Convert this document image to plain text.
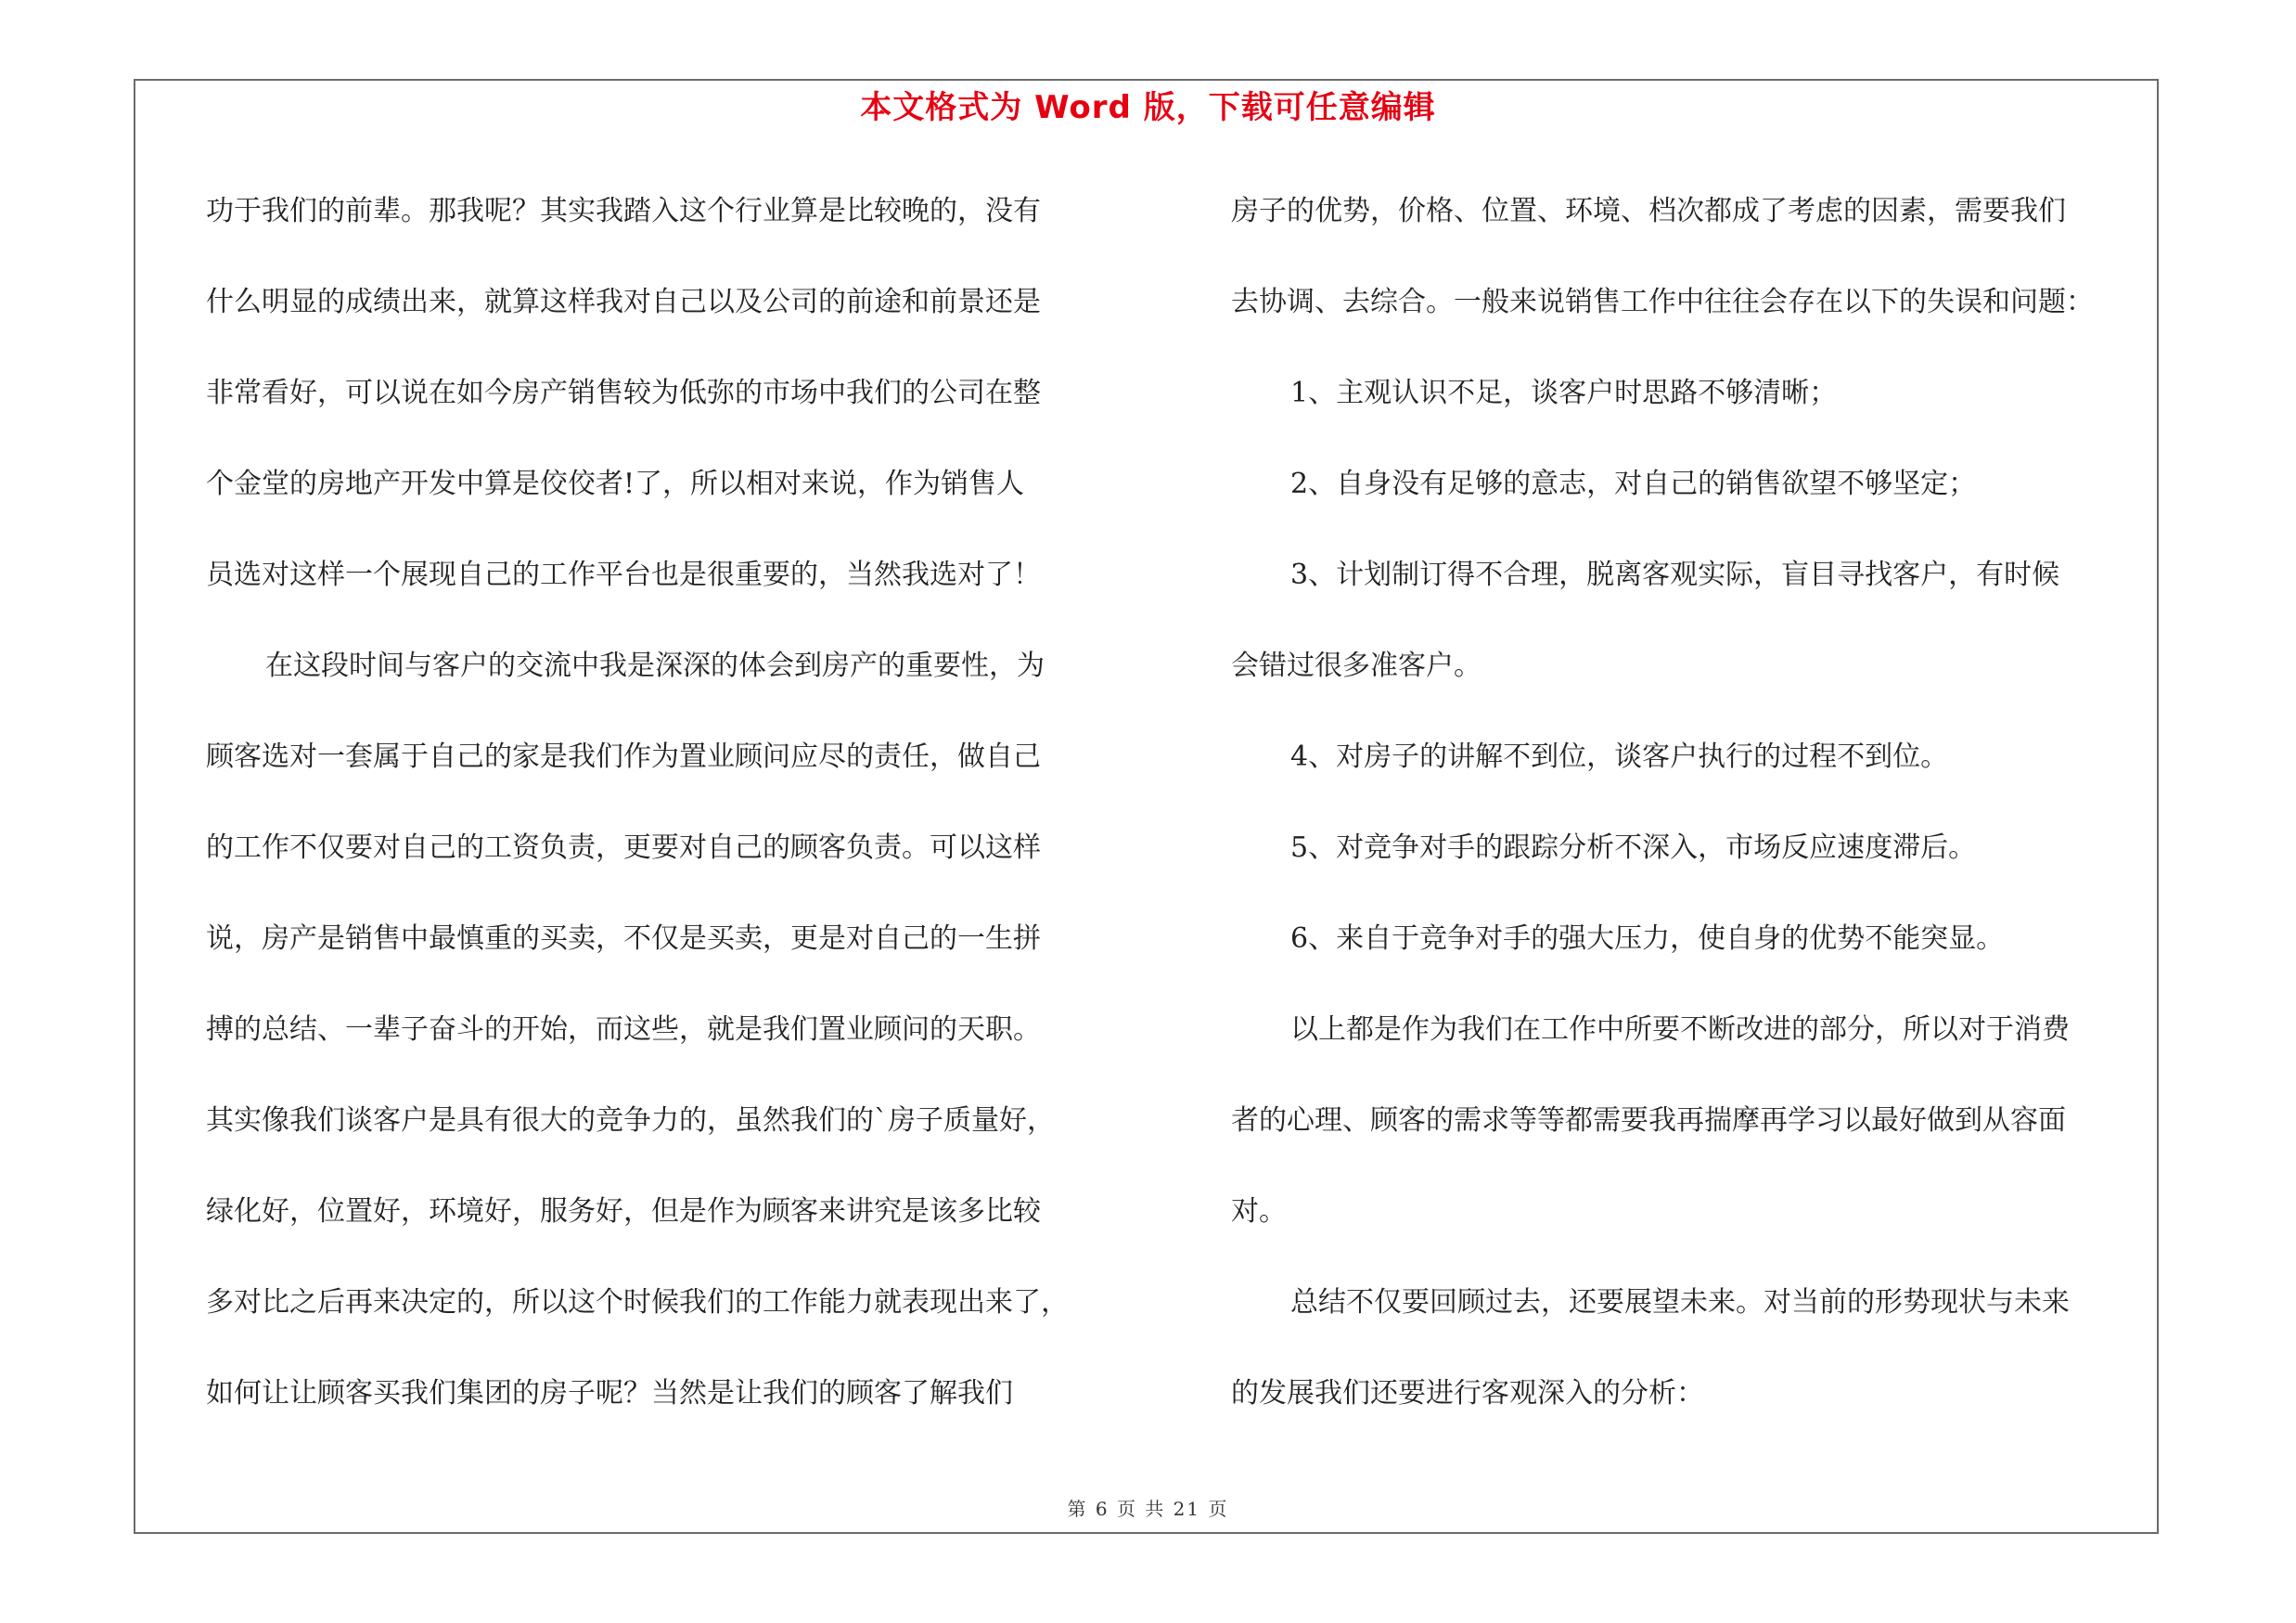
本文格式为 Word 版，下载可任意编辑
功于我们的前辈。那我呢？其实我踏入这个行业算是比较晚的，没有
什么明显的成绩出来，就算这样我对自己以及公司的前途和前景还是
非常看好，可以说在如今房产销售较为低弥的市场中我们的公司在整
个金堂的房地产开发中算是佼佼者!了，所以相对来说，作为销售人
员选对这样一个展现自己的工作平台也是很重要的，当然我选对了！
在这段时间与客户的交流中我是深深的体会到房产的重要性，为
顾客选对一套属于自己的家是我们作为置业顾问应尽的责任，做自己
的工作不仅要对自己的工资负责，更要对自己的顾客负责。可以这样
说，房产是销售中最慎重的买卖，不仅是买卖，更是对自己的一生拼
搏的总结、一辈子奋斗的开始，而这些，就是我们置业顾问的天职。
其实像我们谈客户是具有很大的竞争力的，虽然我们的`房子质量好，
绿化好，位置好，环境好，服务好，但是作为顾客来讲究是该多比较
多对比之后再来决定的，所以这个时候我们的工作能力就表现出来了，
如何让让顾客买我们集团的房子呢？当然是让我们的顾客了解我们
房子的优势，价格、位置、环境、档次都成了考虑的因素，需要我们
去协调、去综合。一般来说销售工作中往往会存在以下的失误和问题：
1、主观认识不足，谈客户时思路不够清晰；
2、自身没有足够的意志，对自己的销售欲望不够坚定；
3、计划制订得不合理，脱离客观实际，盲目寻找客户，有时候
会错过很多准客户。
4、对房子的讲解不到位，谈客户执行的过程不到位。
5、对竞争对手的跟踪分析不深入，市场反应速度滞后。
6、来自于竞争对手的强大压力，使自身的优势不能突显。
以上都是作为我们在工作中所要不断改进的部分，所以对于消费
者的心理、顾客的需求等等都需要我再揣摩再学习以最好做到从容面
对。
总结不仅要回顾过去，还要展望未来。对当前的形势现状与未来
的发展我们还要进行客观深入的分析：
第 6 页 共 21 页
